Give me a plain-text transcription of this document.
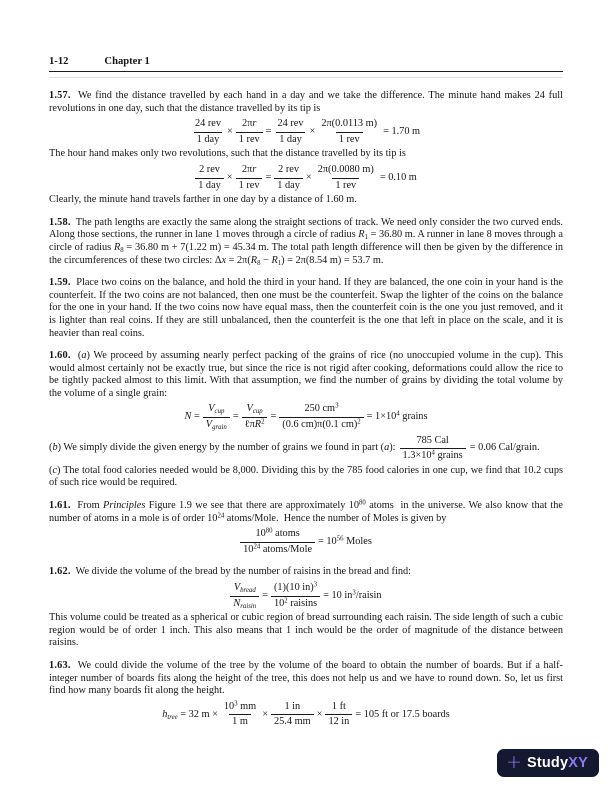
1-12	Chapter 1
1.57.  We find the distance travelled by each hand in a day and we take the difference. The minute hand makes 24 full revolutions in one day, such that the distance travelled by its tip is
$\frac{\text{24 rev}}{\text{1 day}} \times \frac{2\pi r}{\text{1 rev}} = \frac{\text{24 rev}}{\text{1 day}} \times \frac{2\pi(0.0113 m)}{\text{1 rev}} = 1.70$ m
The hour hand makes only two revolutions, such that the distance travelled by its tip is
$\frac{\text{2 rev}}{\text{1 day}} \times \frac{2\pi r}{\text{1 rev}} = \frac{\text{2 rev}}{\text{1 day}} \times \frac{2\pi(0.0080 m)}{\text{1 rev}} = 0.10$ m
Clearly, the minute hand travels farther in one day by a distance of 1.60 m.
1.58.  The path lengths are exactly the same along the straight sections of track. We need only consider the two curved ends. Along those sections, the runner in lane 1 moves through a circle of radius $R_1 = 36.80$ m. A runner in lane 8 moves through a circle of radius $R_8 = 36.80$ m + 7(1.22 m) = 45.34 m. The total path length difference will then be given by the difference in the circumferences of these two circles: $\Delta x = 2\pi(R_8 - R_1) = 2\pi(8.54$ m) = 53.7 m.
1.59.  Place two coins on the balance, and hold the third in your hand. If they are balanced, the one coin in your hand is the counterfeit. If the two coins are not balanced, then one must be the counterfeit. Swap the lighter of the coins on the balance for the one in your hand. If the two coins now have equal mass, then the counterfeit coin is the one you just removed, and it is lighter than real coins. If they are still unbalanced, then the counterfeit is the one that left in place on the scale, and it is heavier than real coins.
1.60.  (a) We proceed by assuming nearly perfect packing of the grains of rice (no unoccupied volume in the cup). This would almost certainly not be exactly true, but since the rice is not rigid after cooking, deformations could allow the rice to be tightly packed almost to this limit. With that assumption, we find the number of grains by dividing the total volume by the volume of a single grain:
$N = \frac{V_{cup}}{V_{grain}} = \frac{V_{cup}}{\ell\pi R^2} = \frac{250 cm^3}{(0.6 cm)\pi(0.1 cm)^2} = 1\times 10^4$ grains
(b) We simply divide the given energy by the number of grains we found in part (a): $\frac{\text{785 Cal}}{1.3\times 10^4 grains} = 0.06$ Cal/grain.
(c) The total food calories needed would be 8,000. Dividing this by the 785 food calories in one cup, we find that 10.2 cups of such rice would be required.
1.61.  From Principles Figure 1.9 we see that there are approximately $10^{80}$ atoms  in the universe. We also know that the number of atoms in a mole is of order $10^{24}$ atoms/Mole.  Hence the number of Moles is given by
$\frac{10^{80} atoms}{10^{24} atoms/Mole} = 10^{56}$ Moles
1.62.  We divide the volume of the bread by the number of raisins in the bread and find:
$\frac{V_{bread}}{N_{raisin}} = \frac{(1)(10 in)^3}{10^2 raisins} = 10$ $in^3$/raisin
This volume could be treated as a spherical or cubic region of bread surrounding each raisin. The side length of such a cubic region would be of order 1 inch. This also means that 1 inch would be the order of magnitude of the distance between raisins.
1.63.  We could divide the volume of the tree by the volume of the board to obtain the number of boards. But if a half-integer number of boards fits along the height of the tree, this does not help us and we have to round down. So, let us first find how many boards fit along the height.
$h_{tree} = 32$ $m \times \frac{10^3 mm}{1 m} \times \frac{1 in}{25.4 mm} \times \frac{1 ft}{12 in} = 105$ ft or 17.5 boards
+ StudyXY
